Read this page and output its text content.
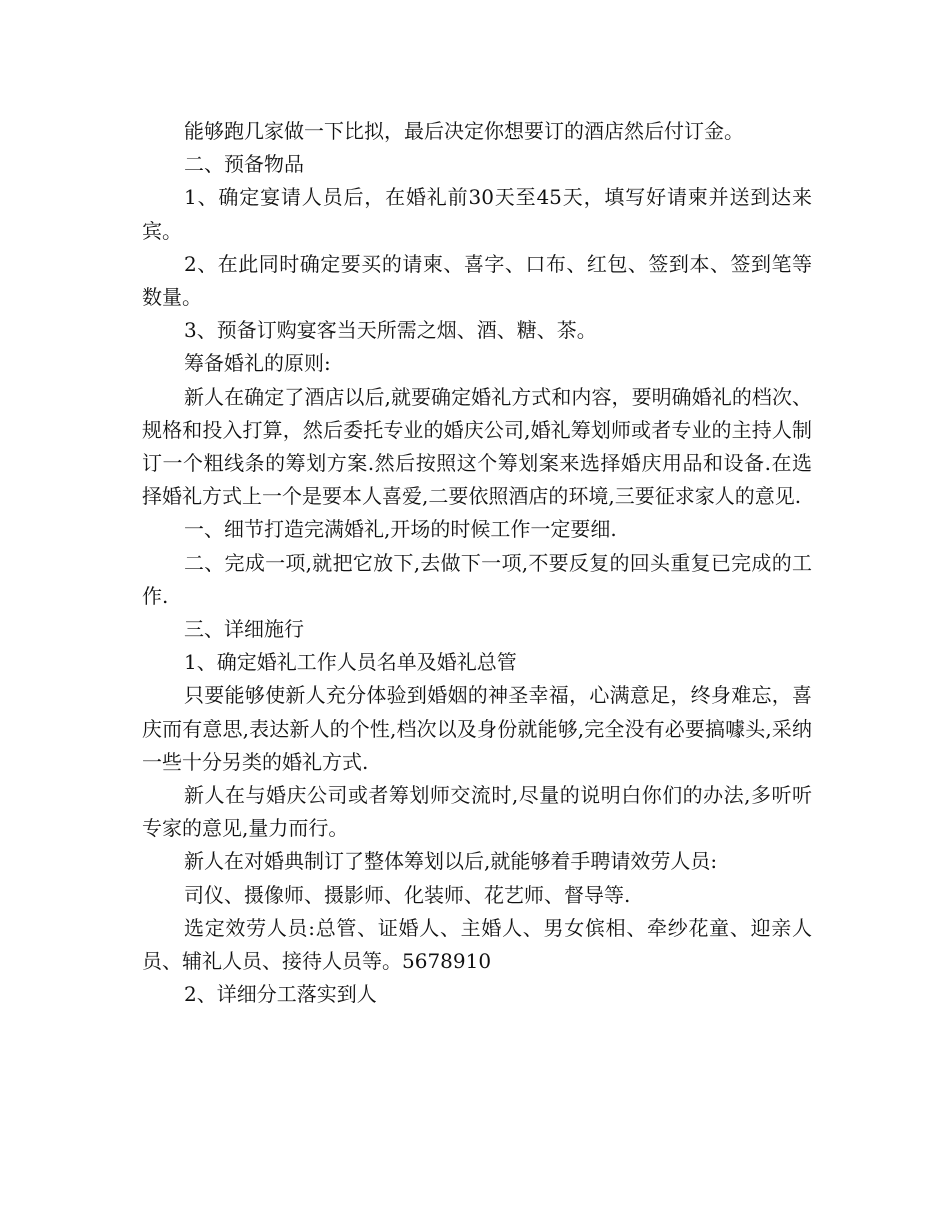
能够跑几家做一下比拟，最后决定你想要订的酒店然后付订金。

二、预备物品

1、确定宴请人员后，在婚礼前30天至45天，填写好请柬并送到达来宾。

2、在此同时确定要买的请柬、喜字、口布、红包、签到本、签到笔等数量。

3、预备订购宴客当天所需之烟、酒、糖、茶。

筹备婚礼的原则:

新人在确定了酒店以后,就要确定婚礼方式和内容，要明确婚礼的档次、规格和投入打算，然后委托专业的婚庆公司,婚礼筹划师或者专业的主持人制订一个粗线条的筹划方案.然后按照这个筹划案来选择婚庆用品和设备.在选择婚礼方式上一个是要本人喜爱,二要依照酒店的环境,三要征求家人的意见.

一、细节打造完满婚礼,开场的时候工作一定要细.

二、完成一项,就把它放下,去做下一项,不要反复的回头重复已完成的工作.

三、详细施行

1、确定婚礼工作人员名单及婚礼总管

只要能够使新人充分体验到婚姻的神圣幸福，心满意足，终身难忘，喜庆而有意思,表达新人的个性,档次以及身份就能够,完全没有必要搞噱头,采纳一些十分另类的婚礼方式.

新人在与婚庆公司或者筹划师交流时,尽量的说明白你们的办法,多听听专家的意见,量力而行。

新人在对婚典制订了整体筹划以后,就能够着手聘请效劳人员:

司仪、摄像师、摄影师、化装师、花艺师、督导等.

选定效劳人员:总管、证婚人、主婚人、男女傧相、牵纱花童、迎亲人员、辅礼人员、接待人员等。5678910

2、详细分工落实到人
